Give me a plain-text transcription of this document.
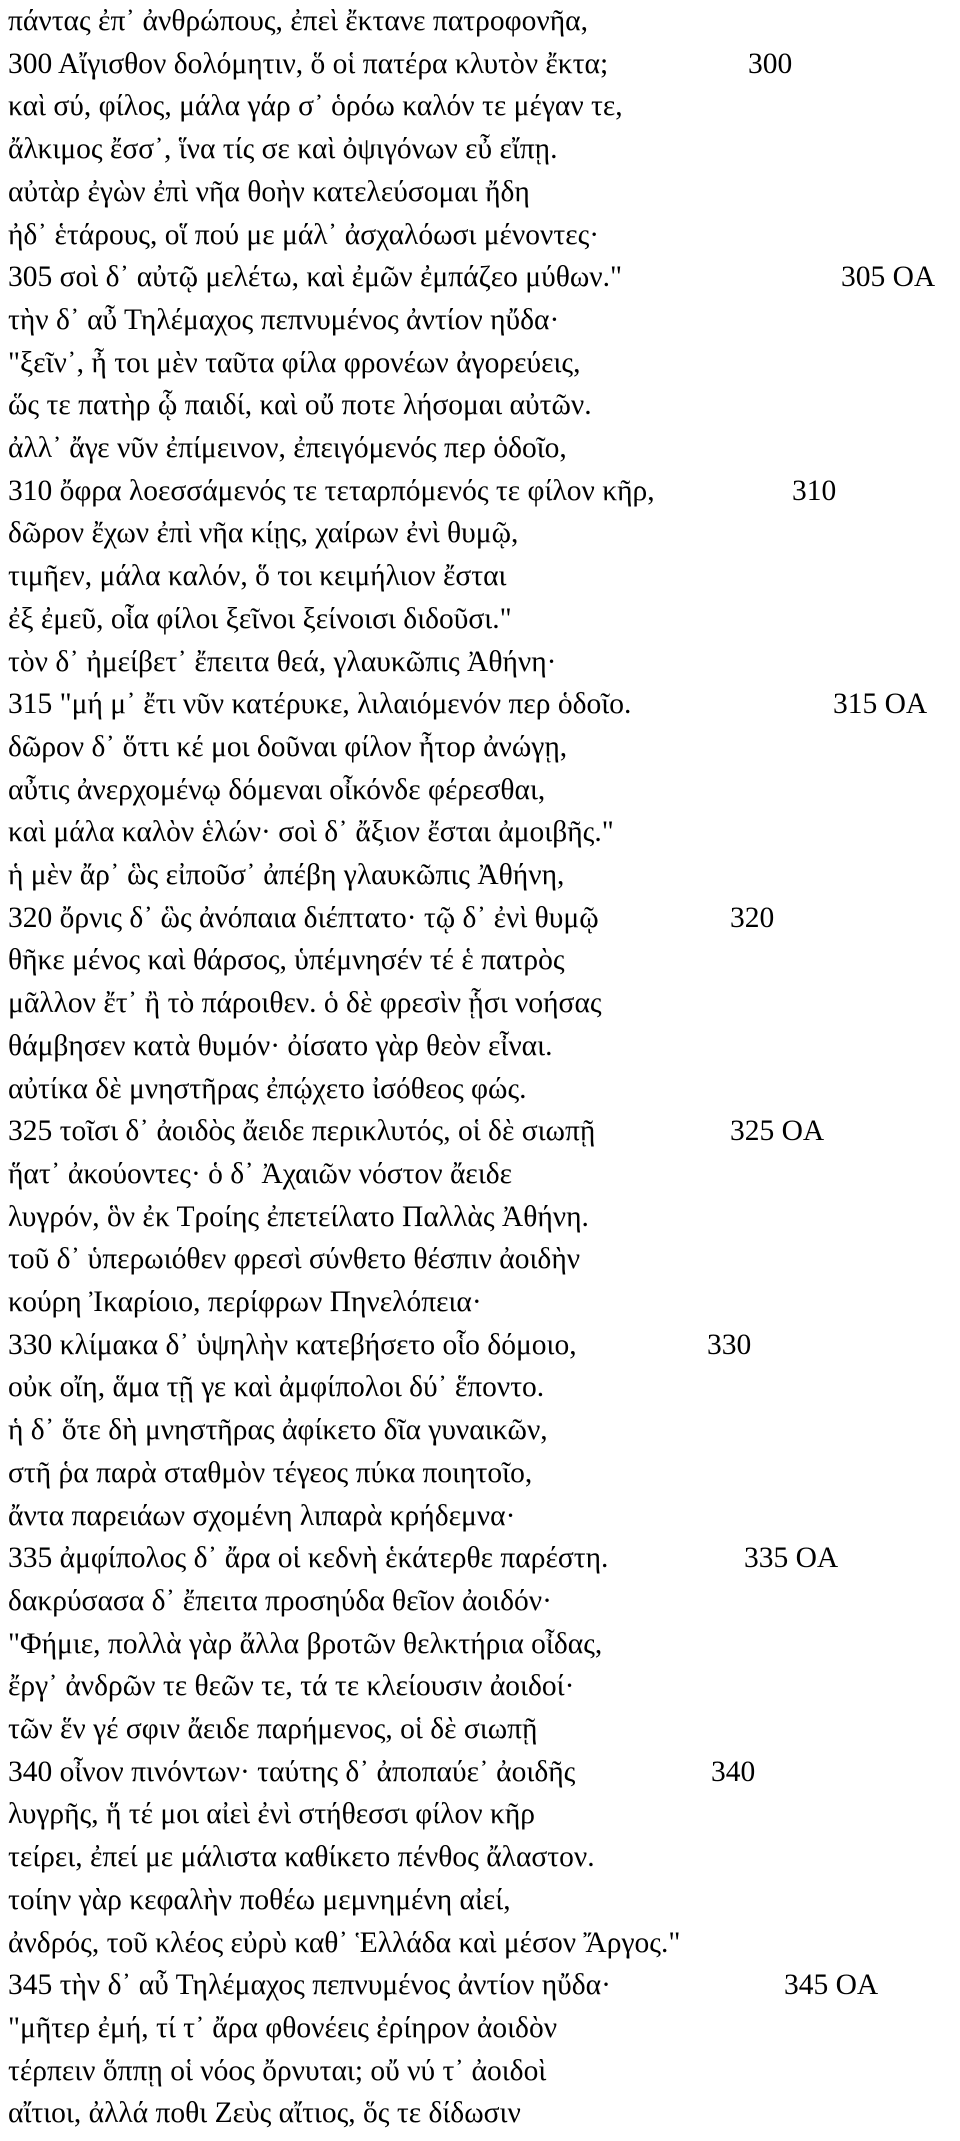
πάντας ἐπ᾽ ἀνθρώπους, ἐπεὶ ἔκτανε πατροφονῆα,
300 Αἴγισθον δολόμητιν, ὅ οἱ πατέρα κλυτὸν ἔκτα;	300
καὶ σύ, φίλος, μάλα γάρ σ᾽ ὁρόω καλόν τε μέγαν τε,
ἄλκιμος ἔσσ᾽, ἵνα τίς σε καὶ ὀψιγόνων εὖ εἴπῃ.
αὐτὰρ ἐγὼν ἐπὶ νῆα θοὴν κατελεύσομαι ἤδη
ἠδ᾽ ἑτάρους, οἵ πού με μάλ᾽ ἀσχαλόωσι μένοντες·
305 σοὶ δ᾽ αὐτῷ μελέτω, καὶ ἐμῶν ἐμπάζεο μύθων."	305 OA
τὴν δ᾽ αὖ Τηλέμαχος πεπνυμένος ἀντίον ηὔδα·
"ξεῖν᾽, ἦ τοι μὲν ταῦτα φίλα φρονέων ἀγορεύεις,
ὥς τε πατὴρ ᾧ παιδί, καὶ οὔ ποτε λήσομαι αὐτῶν.
ἀλλ᾽ ἄγε νῦν ἐπίμεινον, ἐπειγόμενός περ ὁδοῖο,
310 ὄφρα λοεσσάμενός τε τεταρπόμενός τε φίλον κῆρ,	310
δῶρον ἔχων ἐπὶ νῆα κίῃς, χαίρων ἐνὶ θυμῷ,
τιμῆεν, μάλα καλόν, ὅ τοι κειμήλιον ἔσται
ἐξ ἐμεῦ, οἷα φίλοι ξεῖνοι ξείνοισι διδοῦσι."
τὸν δ᾽ ἠμείβετ᾽ ἔπειτα θεά, γλαυκῶπις Ἀθήνη·
315 "μή μ᾽ ἔτι νῦν κατέρυκε, λιλαιόμενόν περ ὁδοῖο.	315 OA
δῶρον δ᾽ ὅττι κέ μοι δοῦναι φίλον ἦτορ ἀνώγῃ,
αὖτις ἀνερχομένῳ δόμεναι οἶκόνδε φέρεσθαι,
καὶ μάλα καλὸν ἑλών· σοὶ δ᾽ ἄξιον ἔσται ἀμοιβῆς."
ἡ μὲν ἄρ᾽ ὣς εἰποῦσ᾽ ἀπέβη γλαυκῶπις Ἀθήνη,
320 ὄρνις δ᾽ ὣς ἀνόπαια διέπτατο· τῷ δ᾽ ἐνὶ θυμῷ	320
θῆκε μένος καὶ θάρσος, ὑπέμνησέν τέ ἑ πατρὸς
μᾶλλον ἔτ᾽ ἢ τὸ πάροιθεν. ὁ δὲ φρεσὶν ᾗσι νοήσας
θάμβησεν κατὰ θυμόν· ὀίσατο γὰρ θεὸν εἶναι.
αὐτίκα δὲ μνηστῆρας ἐπῴχετο ἰσόθεος φώς.
325 τοῖσι δ᾽ ἀοιδὸς ἄειδε περικλυτός, οἱ δὲ σιωπῇ	325 OA
ἥατ᾽ ἀκούοντες· ὁ δ᾽ Ἀχαιῶν νόστον ἄειδε
λυγρόν, ὃν ἐκ Τροίης ἐπετείλατο Παλλὰς Ἀθήνη.
τοῦ δ᾽ ὑπερωιόθεν φρεσὶ σύνθετο θέσπιν ἀοιδὴν
κούρη Ἰκαρίοιο, περίφρων Πηνελόπεια·
330 κλίμακα δ᾽ ὑψηλὴν κατεβήσετο οἷο δόμοιο,	330
οὐκ οἴη, ἅμα τῇ γε καὶ ἀμφίπολοι δύ᾽ ἕποντο.
ἡ δ᾽ ὅτε δὴ μνηστῆρας ἀφίκετο δῖα γυναικῶν,
στῆ ῥα παρὰ σταθμὸν τέγεος πύκα ποιητοῖο,
ἄντα παρειάων σχομένη λιπαρὰ κρήδεμνα·
335 ἀμφίπολος δ᾽ ἄρα οἱ κεδνὴ ἑκάτερθε παρέστη.	335 OA
δακρύσασα δ᾽ ἔπειτα προσηύδα θεῖον ἀοιδόν·
"Φήμιε, πολλὰ γὰρ ἄλλα βροτῶν θελκτήρια οἶδας,
ἔργ᾽ ἀνδρῶν τε θεῶν τε, τά τε κλείουσιν ἀοιδοί·
τῶν ἕν γέ σφιν ἄειδε παρήμενος, οἱ δὲ σιωπῇ
340 οἶνον πινόντων· ταύτης δ᾽ ἀποπαύε᾽ ἀοιδῆς	340
λυγρῆς, ἥ τέ μοι αἰεὶ ἐνὶ στήθεσσι φίλον κῆρ
τείρει, ἐπεί με μάλιστα καθίκετο πένθος ἄλαστον.
τοίην γὰρ κεφαλὴν ποθέω μεμνημένη αἰεί,
ἀνδρός, τοῦ κλέος εὐρὺ καθ᾽ Ἑλλάδα καὶ μέσον Ἄργος."
345 τὴν δ᾽ αὖ Τηλέμαχος πεπνυμένος ἀντίον ηὔδα·	345 OA
"μῆτερ ἐμή, τί τ᾽ ἄρα φθονέεις ἐρίηρον ἀοιδὸν
τέρπειν ὅππῃ οἱ νόος ὄρνυται; οὔ νύ τ᾽ ἀοιδοὶ
αἴτιοι, ἀλλά ποθι Ζεὺς αἴτιος, ὅς τε δίδωσιν
